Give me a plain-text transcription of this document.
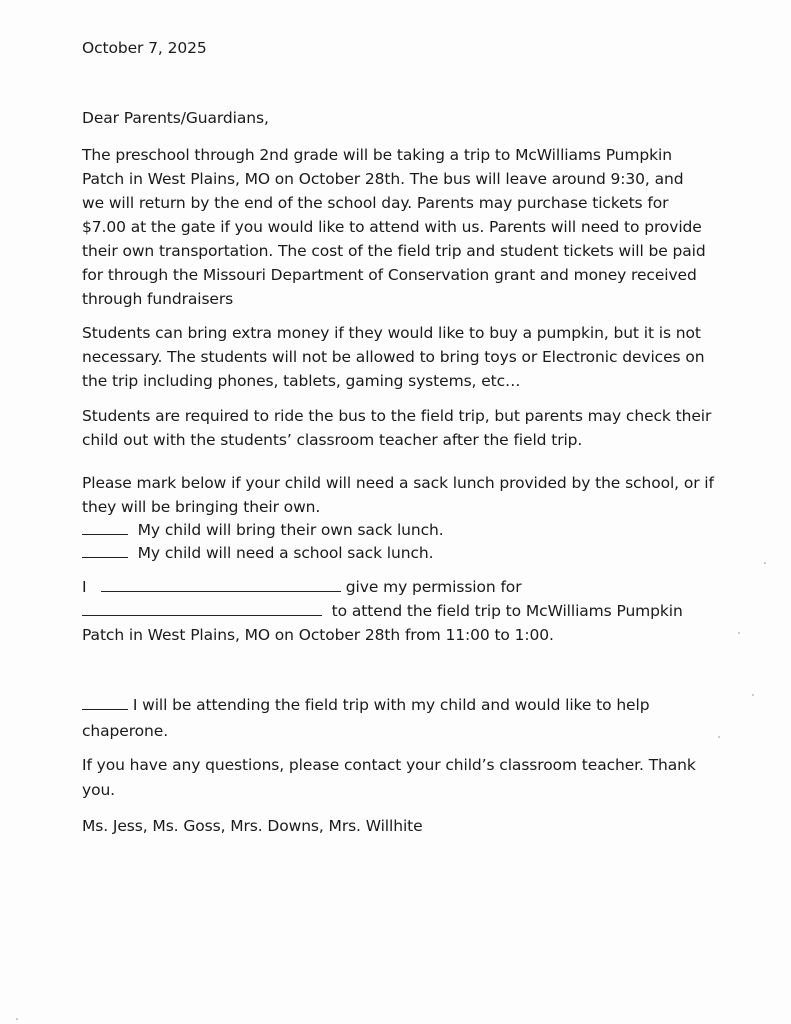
October 7, 2025
Dear Parents/Guardians,
The preschool through 2nd grade will be taking a trip to McWilliams Pumpkin
Patch in West Plains, MO on October 28th. The bus will leave around 9:30, and
we will return by the end of the school day. Parents may purchase tickets for
$7.00 at the gate if you would like to attend with us. Parents will need to provide
their own transportation. The cost of the field trip and student tickets will be paid
for through the Missouri Department of Conservation grant and money received
through fundraisers
Students can bring extra money if they would like to buy a pumpkin, but it is not
necessary. The students will not be allowed to bring toys or Electronic devices on
the trip including phones, tablets, gaming systems, etc…
Students are required to ride the bus to the field trip, but parents may check their
child out with the students’ classroom teacher after the field trip.
Please mark below if your child will need a sack lunch provided by the school, or if
they will be bringing their own.
My child will bring their own sack lunch.
My child will need a school sack lunch.
I	give my permission for
to attend the field trip to McWilliams Pumpkin
Patch in West Plains, MO on October 28th from 11:00 to 1:00.
I will be attending the field trip with my child and would like to help
chaperone.
If you have any questions, please contact your child’s classroom teacher. Thank
you.
Ms. Jess, Ms. Goss, Mrs. Downs, Mrs. Willhite
